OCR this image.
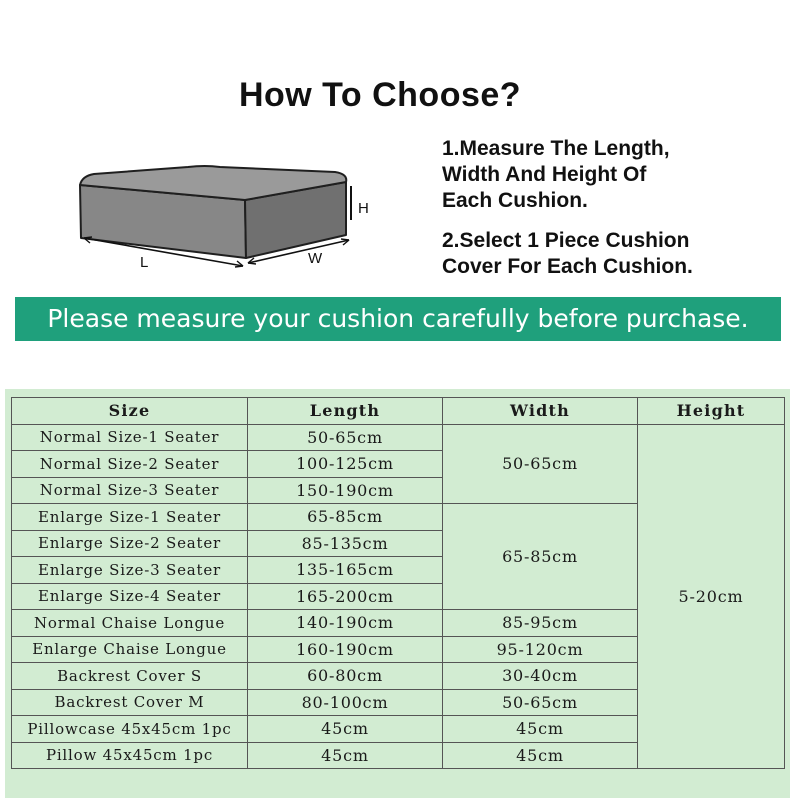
How To Choose?
H
L	W
1.Measure The Length,
Width And Height Of
Each Cushion.
2.Select 1 Piece Cushion
Cover For Each Cushion.
Please measure your cushion carefully before purchase.
Size	Length	Width	Height
Normal Size-1 Seater	50-65cm	50-65cm	5-20cm
Normal Size-2 Seater	100-125cm		
Normal Size-3 Seater	150-190cm		
Enlarge Size-1 Seater	65-85cm	65-85cm	
Enlarge Size-2 Seater	85-135cm		
Enlarge Size-3 Seater	135-165cm		
Enlarge Size-4 Seater	165-200cm		
Normal Chaise Longue	140-190cm	85-95cm	
Enlarge Chaise Longue	160-190cm	95-120cm	
Backrest Cover S	60-80cm	30-40cm	
Backrest Cover M	80-100cm	50-65cm	
Pillowcase 45x45cm 1pc	45cm	45cm	
Pillow 45x45cm 1pc	45cm	45cm	
